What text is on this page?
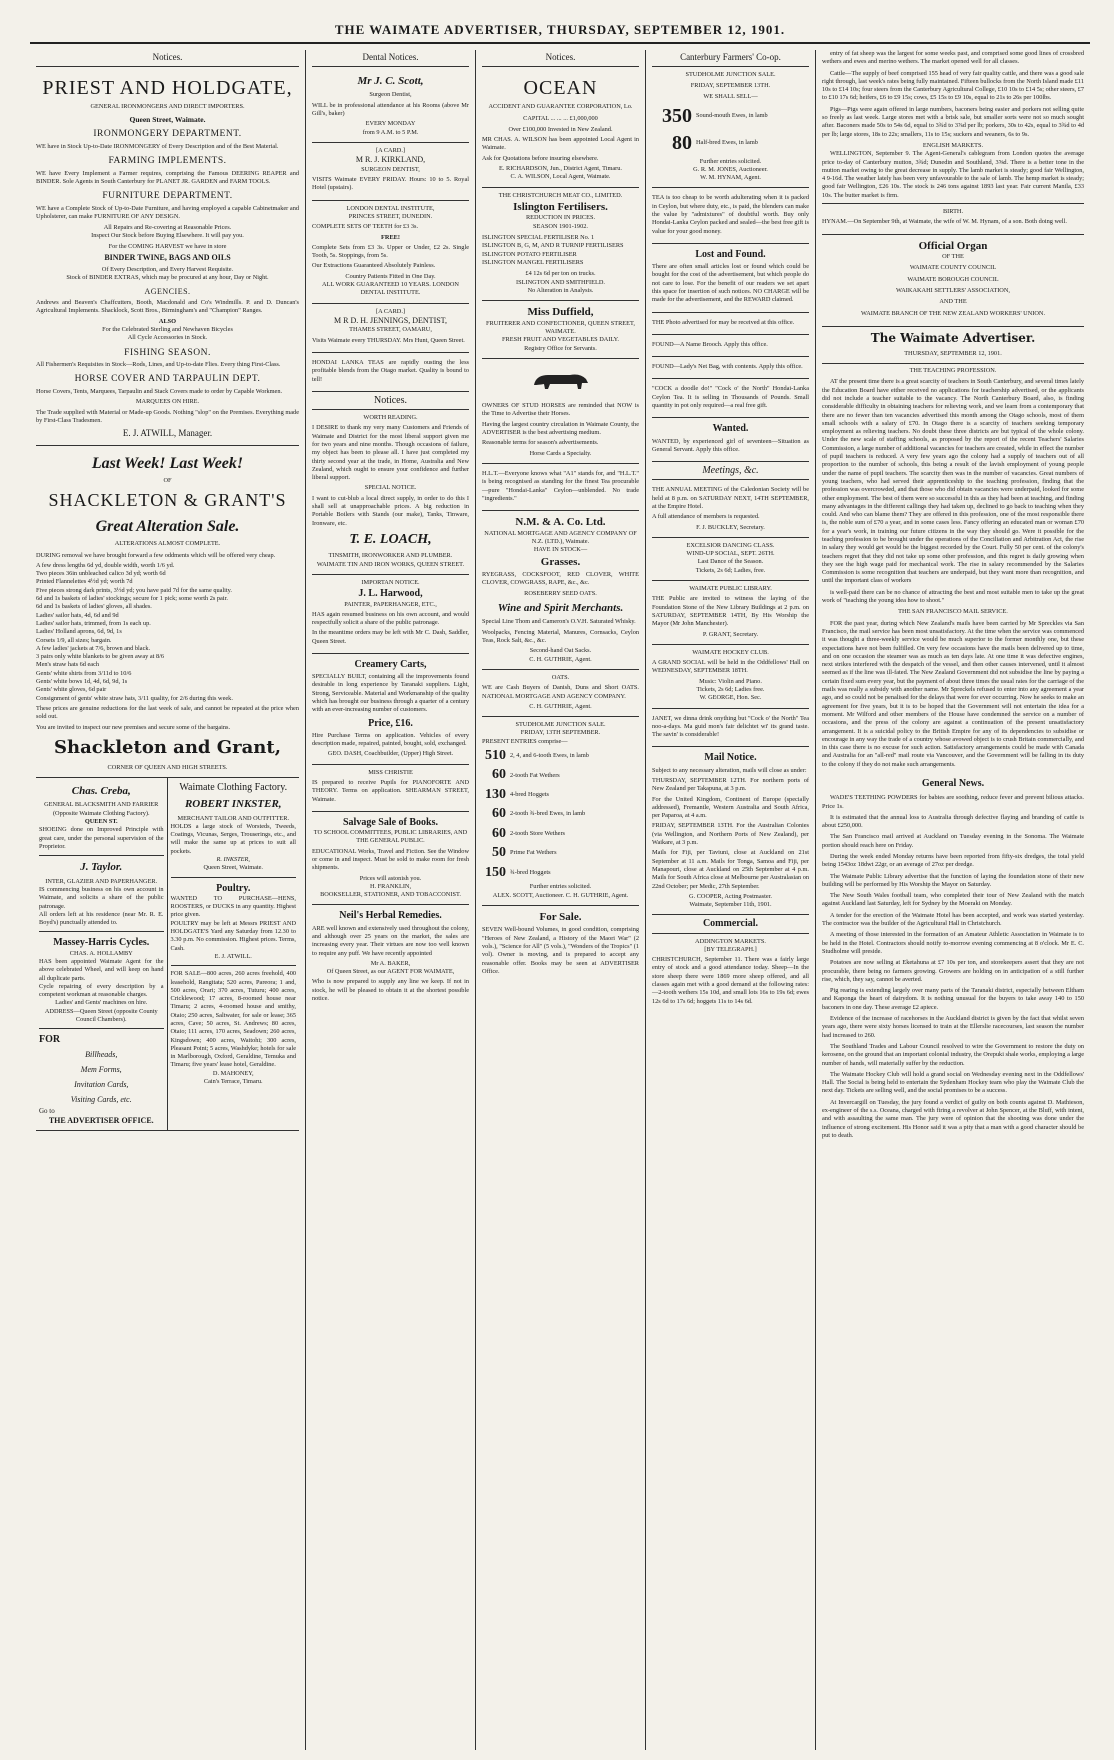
THE WAIMATE ADVERTISER, THURSDAY, SEPTEMBER 12, 1901.
Notices.
PRIEST AND HOLDGATE,
GENERAL IRONMONGERS AND DIRECT IMPORTERS.
Queen Street, Waimate.
IRONMONGERY DEPARTMENT.

WE have in Stock Up-to-Date IRONMONGERY of Every Description and of the Best Material.

FARMING IMPLEMENTS.

WE have Every Implement a Farmer requires, comprising the Famous DEERING REAPER and BINDER. Sole Agents in South Canterbury for PLANET JR. GARDEN and FARM TOOLS.

FURNITURE DEPARTMENT.

WE have a Complete Stock of Up-to-Date Furniture, and having employed a capable Cabinetmaker and Upholsterer, can make FURNITURE OF ANY DESIGN.

All Repairs and Re-covering at Reasonable Prices.
Inspect Our Stock before Buying Elsewhere. It will pay you.
For the COMING HARVEST we have in store
BINDER TWINE, BAGS AND OILS
Of Every Description, and Every Harvest Requisite.
Stock of BINDER EXTRAS, which may be procured at any hour, Day or Night.
AGENCIES.

Andrews and Beaven's Chaffcutters, Booth, Macdonald and Co's Windmills. P. and D. Duncan's Agricultural Implements. Shacklock, Scott Bros., Birmingham's and "Champion" Ranges.

ALSO
For the Celebrated Sterling and Newhaven Bicycles
All Cycle Accessories in Stock.
FISHING SEASON.

All Fishermen's Requisites in Stock—Rods, Lines, and Up-to-date Flies. Every thing First-Class.

HORSE COVER AND TARPAULIN DEPT.

Horse Covers, Tents, Marquees, Tarpaulin and Stack Covers made to order by Capable Workmen.

MARQUEES ON HIRE.

The Trade supplied with Material or Made-up Goods. Nothing "slop" on the Premises. Everything made by First-Class Tradesmen.

E. J. ATWILL, Manager.
Last Week! Last Week!
OF
SHACKLETON & GRANT'S
Great Alteration Sale.
ALTERATIONS ALMOST COMPLETE.

DURING removal we have brought forward a few oddments which will be offered very cheap.

A few dress lengths 6d yd, double width, worth 1/6 yd.
Two pieces 36in unbleached calico 3d yd; worth 6d
Printed Flannelettes 4½d yd; worth 7d
Five pieces strong dark prints, 3½d yd; you have paid 7d for the same quality.
6d and 1s baskets of ladies' stockings; secure for 1 pick; some worth 2s pair.
6d and 1s baskets of ladies' gloves, all shades.
Ladies' sailor hats, 4d, 6d and 9d
Ladies' sailor hats, trimmed, from 1s each up.
Ladies' Holland aprons, 6d, 9d, 1s
Corsets 1/9, all sizes; bargain.
A few ladies' jackets at 7/6, brown and black.
3 pairs only white blankets to be given away at 8/6
Men's straw hats 6d each
Gents' white shirts from 3/11d to 10/6
Gents' white bows 1d, 4d, 6d, 9d, 1s
Gents' white gloves, 6d pair
Consignment of gents' white straw hats, 3/11 quality, for 2/6 during this week.

These prices are genuine reductions for the last week of sale, and cannot be repeated at the price when sold out.

You are invited to inspect our new premises and secure some of the bargains.

Shackleton and Grant,
CORNER OF QUEEN AND HIGH STREETS.
Chas. Creba,
GENERAL BLACKSMITH AND FARRIER
(Opposite Waimate Clothing Factory).
QUEEN ST.

SHOEING done on Improved Principle with great care, under the personal supervision of the Proprietor.

J. Taylor.
INTER, GLAZIER AND PAPERHANGER.

IS commencing business on his own account in Waimate, and solicits a share of the public patronage.

All orders left at his residence (near Mr. R. E. Boyd's) punctually attended to.

Massey-Harris Cycles.
CHAS. A. HOLLAMBY

HAS been appointed Waimate Agent for the above celebrated Wheel, and will keep on hand all duplicate parts.

Cycle repairing of every description by a competent workman at reasonable charges.

Ladies' and Gents' machines on hire.
ADDRESS—Queen Street (opposite County Council Chambers).
FOR
Billheads,
Mem Forms,
Invitation Cards,
Visiting Cards, etc.
Go to
THE ADVERTISER OFFICE.
Waimate Clothing Factory.
ROBERT INKSTER,
MERCHANT TAILOR AND OUTFITTER.

HOLDS a large stock of Worsteds, Tweeds, Coatings, Vicunas, Serges, Trouserings, etc., and will make the same up at prices to suit all pockets.

R. INKSTER,
Queen Street, Waimate.
Poultry.

WANTED TO PURCHASE—HENS, ROOSTERS, or DUCKS in any quantity. Highest price given.

POULTRY may be left at Messrs PRIEST AND HOLDGATE'S Yard any Saturday from 12.30 to 3.30 p.m. No commission. Highest prices. Terms, Cash.

E. J. ATWILL.

FOR SALE—800 acres, 260 acres freehold, 400 leasehold, Rangitata; 520 acres, Pareora; 1 and, 500 acres, Orari; 370 acres, Tuturu; 400 acres, Cricklewood; 17 acres, 8-roomed house near Timaru; 2 acres, 4-roomed house and smithy, Otaio; 250 acres, Saltwater, for sale or lease; 365 acres, Cave; 50 acres, St. Andrews; 80 acres, Otaio; 111 acres, 170 acres, Seadown; 260 acres, Kingsdown; 400 acres, Waitohi; 300 acres, Pleasant Point; 5 acres, Washdyke; hotels for sale in Marlborough, Oxford, Geraldine, Temuka and Timaru; five years' lease hotel, Geraldine.

D. MAHONEY,
Cain's Terrace, Timaru.
Dental Notices.
Mr J. C. Scott,
Surgeon Dentist,

WILL be in professional attendance at his Rooms (above Mr Gill's, baker)

EVERY MONDAY
from 9 A.M. to 5 P.M.
[A CARD.]
M R. J. KIRKLAND,
SURGEON DENTIST,

VISITS Waimate EVERY FRIDAY. Hours: 10 to 5. Royal Hotel (upstairs).

LONDON DENTAL INSTITUTE,
PRINCES STREET, DUNEDIN.

COMPLETE SETS OF TEETH for £3 3s.

FREE!

Complete Sets from £3 3s. Upper or Under, £2 2s. Single Tooth, 5s. Stoppings, from 5s.

Our Extractions Guaranteed Absolutely Painless.

Country Patients Fitted in One Day.
ALL WORK GUARANTEED 10 YEARS. LONDON DENTAL INSTITUTE.
[A CARD.]
M R D. H. JENNINGS, DENTIST,
THAMES STREET, OAMARU,

Visits Waimate every THURSDAY. Mrs Hunt, Queen Street.

HONDAI LANKA TEAS are rapidly ousting the less profitable blends from the Otago market. Quality is bound to tell!

Notices.
WORTH READING.

I DESIRE to thank my very many Customers and Friends of Waimate and District for the most liberal support given me for two years and nine months. Though occasions of failure, my object has been to please all. I have just completed my thirty second year at the trade, in Home, Australia and New Zealand, which ought to ensure your confidence and further liberal support.

SPECIAL NOTICE.

I want to cut-blub a local direct supply, in order to do this I shall sell at unapproachable prices. A big reduction in Portable Boilers with Stands (our make), Tanks, Tinware, Ironware, etc.

T. E. LOACH,
TINSMITH, IRONWORKER AND PLUMBER.
WAIMATE TIN AND IRON WORKS, QUEEN STREET.
IMPORTAN NOTICE.
J. L. Harwood,
PAINTER, PAPERHANGER, ETC.,

HAS again resumed business on his own account, and would respectfully solicit a share of the public patronage.

In the meantime orders may be left with Mr C. Dash, Saddler, Queen Street.

Creamery Carts,

SPECIALLY BUILT, containing all the improvements found desirable in long experience by Taranaki suppliers. Light, Strong, Serviceable. Material and Workmanship of the quality which has brought our business through a quarter of a century with an ever-increasing number of customers.

Price, £16.

Hire Purchase Terms on application. Vehicles of every description made, repaired, painted, bought, sold, exchanged.

GEO. DASH, Coachbuilder, (Upper) High Street.
MISS CHRISTIE

IS prepared to receive Pupils for PIANOFORTE AND THEORY. Terms on application. SHEARMAN STREET, Waimate.

Salvage Sale of Books.
TO SCHOOL COMMITTEES, PUBLIC LIBRARIES, AND THE GENERAL PUBLIC.

EDUCATIONAL Works, Travel and Fiction. See the Window or come in and inspect. Must be sold to make room for fresh shipments.

Prices will astonish you.
H. FRANKLIN,
BOOKSELLER, STATIONER, AND TOBACCONIST.
Neil's Herbal Remedies.

ARE well known and extensively used throughout the colony, and although over 25 years on the market, the sales are increasing every year. Their virtues are now too well known to require any puff. We have recently appointed

Mr A. BAKER,
Of Queen Street, as our AGENT FOR WAIMATE,

Who is now prepared to supply any line we keep. If not in stock, he will be pleased to obtain it at the shortest possible notice.

Notices.
OCEAN
ACCIDENT AND GUARANTEE CORPORATION, Lo.
CAPITAL ... ... ... £1,000,000
Over £100,000 Invested in New Zealand.

MR CHAS. A. WILSON has been appointed Local Agent in Waimate.

Ask for Quotations before insuring elsewhere.

E. RICHARDSON, Jun., District Agent, Timaru.
C. A. WILSON, Local Agent, Waimate.
THE CHRISTCHURCH MEAT CO., LIMITED.
Islington Fertilisers.
REDUCTION IN PRICES.
SEASON 1901-1902.
ISLINGTON SPECIAL FERTILISER No. 1
ISLINGTON B, G, M, AND R TURNIP FERTILISERS
ISLINGTON POTATO FERTILISER
ISLINGTON MANGEL FERTILISERS
£4 12s 6d per ton on trucks.
ISLINGTON AND SMITHFIELD.
No Alteration in Analysis.
Miss Duffield,
FRUITERER AND CONFECTIONER, QUEEN STREET, WAIMATE.
FRESH FRUIT AND VEGETABLES DAILY.
Registry Office for Servants.

OWNERS OF STUD HORSES are reminded that NOW is the Time to Advertise their Horses.

Having the largest country circulation in Waimate County, the ADVERTISER is the best advertising medium.

Reasonable terms for season's advertisements.

Horse Cards a Specialty.

H.L.T.—Everyone knows what "A1" stands for, and "H.L.T." is being recognised as standing for the finest Tea procurable—pure "Hondai-Lanka" Ceylon—unblended. No trade "ingredients."

N.M. & A. Co. Ltd.
NATIONAL MORTGAGE AND AGENCY COMPANY OF N.Z. (LTD.), Waimate.
HAVE IN STOCK—
Grasses.

RYEGRASS, COCKSFOOT, RED CLOVER, WHITE CLOVER, COWGRASS, RAPE, &c., &c.

ROSEBERRY SEED OATS.
Wine and Spirit Merchants.

Special Line Thom and Cameron's O.V.H. Saturated Whisky.

Woolpacks, Fencing Material, Manures, Cornsacks, Ceylon Teas, Rock Salt, &c., &c.

Second-hand Oat Sacks.
C. H. GUTHRIE, Agent.
OATS.

WE are Cash Buyers of Danish, Duns and Short OATS. NATIONAL MORTGAGE AND AGENCY COMPANY.

C. H. GUTHRIE, Agent.
STUDHOLME JUNCTION SALE.
FRIDAY, 13TH SEPTEMBER.
PRESENT ENTRIES comprise—
510 2, 4, and 6-tooth Ewes, in lamb
60 2-tooth Fat Wethers
130 4-bred Hoggets
60 2-tooth ¾-bred Ewes, in lamb
60 2-tooth Store Wethers
50 Prime Fat Wethers
150 ¾-bred Hoggets
Further entries solicited.
ALEX. SCOTT, Auctioneer. C. H. GUTHRIE, Agent.
For Sale.

SEVEN Well-bound Volumes, in good condition, comprising "Heroes of New Zealand, a History of the Maori War" (2 vols.), "Science for All" (5 vols.), "Wonders of the Tropics" (1 vol). Owner is moving, and is prepared to accept any reasonable offer. Books may be seen at ADVERTISER Office.

Canterbury Farmers' Co-op.
STUDHOLME JUNCTION SALE.
FRIDAY, SEPTEMBER 13TH.
WE SHALL SELL—
350 Sound-mouth Ewes, in lamb
80 Half-bred Ewes, in lamb
Further entries solicited.
G. R. M. JONES, Auctioneer.
W. M. HYNAM, Agent.

TEA is too cheap to be worth adulterating when it is packed in Ceylon, but where duty, etc., is paid, the blenders can make the value by "admixtures" of doubtful worth. Buy only Hondai-Lanka Ceylon packed and sealed—the best free gift is value for your good money.

Lost and Found.

There are often small articles lost or found which could be bought for the cost of the advertisement, but which people do not care to lose. For the benefit of our readers we set apart this space for insertion of such notices. NO CHARGE will be made for the advertisement, and the REWARD claimed.

THE Photo advertised for may be received at this office.

FOUND—A Name Brooch. Apply this office.

FOUND—Lady's Net Bag, with contents. Apply this office.

"COCK a doodle do!" "Cock o' the North" Hondai-Lanka Ceylon Tea. It is selling in Thousands of Pounds. Small quantity in pot only required—a real free gift.

Wanted.

WANTED, by experienced girl of seventeen—Situation as General Servant. Apply this office.

Meetings, &c.

THE ANNUAL MEETING of the Caledonian Society will be held at 8 p.m. on SATURDAY NEXT, 14TH SEPTEMBER, at the Empire Hotel.

A full attendance of members is requested.

F. J. BUCKLEY, Secretary.
EXCELSIOR DANCING CLASS.
WIND-UP SOCIAL, SEPT. 26TH.
Last Dance of the Season.
Tickets, 2s 6d; Ladies, free.
WAIMATE PUBLIC LIBRARY.

THE Public are invited to witness the laying of the Foundation Stone of the New Library Buildings at 2 p.m. on SATURDAY, SEPTEMBER 14TH, By His Worship the Mayor (Mr John Manchester).

P. GRANT, Secretary.
WAIMATE HOCKEY CLUB.

A GRAND SOCIAL will be held in the Oddfellows' Hall on WEDNESDAY, SEPTEMBER 18TH.

Music: Violin and Piano.
Tickets, 2s 6d; Ladies free.
W. GEORGE, Hon. Sec.

JANET, we dinna drink onything but "Cock o' the North" Tea noo-a-days. Ma guid mon's fair delichtet wi' its grand taste. The savin' is considerable!

Mail Notice.

Subject to any necessary alteration, mails will close as under:

THURSDAY, SEPTEMBER 12TH. For northern ports of New Zealand per Takapuna, at 3 p.m.

For the United Kingdom, Continent of Europe (specially addressed), Fremantle, Western Australia and South Africa, per Paparoa, at 4 a.m.

FRIDAY, SEPTEMBER 13TH. For the Australian Colonies (via Wellington, and Northern Ports of New Zealand), per Waikare, at 3 p.m.

Mails for Fiji, per Taviuni, close at Auckland on 21st September at 11 a.m. Mails for Tonga, Samoa and Fiji, per Manapouri, close at Auckland on 25th September at 4 p.m. Mails for South Africa close at Melbourne per Australasian on 22nd October; per Medic, 27th September.

G. COOPER, Acting Postmaster.
Waimate, September 11th, 1901.
Commercial.
ADDINGTON MARKETS.
[BY TELEGRAPH.]

CHRISTCHURCH, September 11. There was a fairly large entry of stock and a good attendance today. Sheep—In the store sheep there were 1869 more sheep offered, and all classes again met with a good demand at the following rates:—2-tooth wethers 15s 10d, and small lots 16s to 19s 6d; ewes 12s 6d to 17s 6d; hoggets 11s to 14s 6d.

entry of fat sheep was the largest for some weeks past, and comprised some good lines of crossbred wethers and ewes and merino wethers. The market opened well for all classes.

Cattle—The supply of beef comprised 155 head of very fair quality cattle, and there was a good sale right through, last week's rates being fully maintained. Fifteen bullocks from the North Island made £11 10s to £14 10s; four steers from the Canterbury Agricultural College, £10 10s to £14 5s; other steers, £7 to £10 17s 6d; heifers, £6 to £9 15s; cows, £5 15s to £9 10s, equal to 21s to 26s per 100lbs.

Pigs—Pigs were again offered in large numbers, baconers being easier and porkers not selling quite so freely as last week. Large stores met with a brisk sale, but smaller sorts were not so much sought after. Baconers made 50s to 54s 6d, equal to 3¾d to 3⅞d per lb; porkers, 30s to 42s, equal to 3¾d to 4d per lb; large stores, 18s to 22s; smallers, 11s to 15s; suckers and weaners, 6s to 9s.

ENGLISH MARKETS.

WELLINGTON, September 9. The Agent-General's cablegram from London quotes the average price to-day of Canterbury mutton, 3¾d; Dunedin and Southland, 3⅝d. There is a better tone in the mutton market owing to the great decrease in supply. The lamb market is steady; good fair Wellington, 4 9-16d. The weather lately has been very unfavourable to the sale of lamb. The hemp market is steady; good fair Wellington, £26 10s. The stock is 246 tons against 1893 last year. Fair current Manila, £33 10s. The butter market is firm.

BIRTH.

HYNAM.—On September 9th, at Waimate, the wife of W. M. Hynam, of a son. Both doing well.

Official Organ
OF THE
WAIMATE COUNTY COUNCIL
WAIMATE BOROUGH COUNCIL
WAIKAKAHI SETTLERS' ASSOCIATION,
AND THE
WAIMATE BRANCH OF THE NEW ZEALAND WORKERS' UNION.
The Waimate Advertiser.
THURSDAY, SEPTEMBER 12, 1901.
THE TEACHING PROFESSION.

AT the present time there is a great scarcity of teachers in South Canterbury, and several times lately the Education Board have either received no applications for teachership advertised, or the applicants did not include a teacher suitable to the vacancy. The North Canterbury Board, also, is finding considerable difficulty in obtaining teachers for relieving work, and we learn from a contemporary that there are no fewer than ten vacancies advertised this month among the Otago schools, most of them small schools with a salary of £70. In Otago there is a scarcity of teachers seeking temporary employment as relieving teachers. No doubt these three districts are but typical of the whole colony. Under the new scale of staffing schools, as proposed by the report of the recent Teachers' Salaries Commission, a large number of additional vacancies for teachers are created, while in effect the number of pupil teachers is reduced. A very few years ago the colony had a supply of teachers out of all proportion to the number of schools, this being a result of the lavish employment of young people under the name of pupil teachers. The scarcity then was in the number of vacancies. Great numbers of young teachers, who had served their apprenticeship to the teaching profession, finding that the profession was overcrowded, and that those who did obtain vacancies were underpaid, looked for some other employment. The best of them were so successful in this as they had been at teaching, and finding many advantages in the different callings they had taken up, declined to go back to teaching when they could. And who can blame them? They are offered in this profession, one of the most responsible there is, the noble sum of £70 a year, and in some cases less. Fancy offering an educated man or woman £70 for a year's work, in training our future citizens in the way they should go. Were it possible for the teaching profession to be brought under the operations of the Conciliation and Arbitration Act, the rise in salary they would get would be the biggest recorded by the Court. Fully 50 per cent. of the colony's teachers regret that they did not take up some other profession, and this regret is daily growing when they see the high wage paid for mechanical work. The rise in salary recommended by the Salaries Commission is some recognition that teachers are underpaid, but they want more than recognition, and until the important class of workers

is well-paid there can be no chance of attracting the best and most suitable men to take up the great work of "teaching the young idea how to shoot."

THE SAN FRANCISCO MAIL SERVICE.

FOR the past year, during which New Zealand's mails have been carried by Mr Spreckles via San Francisco, the mail service has been most unsatisfactory. At the time when the service was commenced it was thought a three-weekly service would be much superior to the former monthly one, but these expectations have not been fulfilled. On very few occasions have the mails been delivered up to time, and on one occasion the steamer was as much as ten days late. At one time it was defective engines, next strikes interfered with the despatch of the vessel, and then other causes intervened, until it almost seemed as if the line was ill-fated. The New Zealand Government did not subsidise the line by paying a certain fixed sum every year, but the payment of about three times the usual rates for the carriage of the mails was really a subsidy with another name. Mr Spreckels refused to enter into any agreement a year ago, and so could not be penalised for the delays that were for ever occurring. Now he seeks to make an agreement for five years, but it is to be hoped that the Government will not entertain the idea for a moment. Mr Wilford and other members of the House have condemned the service on a number of occasions, and the press of the colony are against a continuation of the present unsatisfactory arrangement. It is a suicidal policy to the British Empire for any of its dependencies to subsidise or encourage in any way the trade of a country whose avowed object is to crush Britain commercially, and in this case there is no excuse for such action. Satisfactory arrangements could be made with Canada and Australia for an "all-red" mail route via Vancouver, and the Government will be falling in its duty to the colony if they do not make such arrangements.

General News.

WADE'S TEETHING POWDERS for babies are soothing, reduce fever and prevent bilious attacks. Price 1s.

It is estimated that the annual loss to Australia through defective flaying and branding of cattle is about £250,000.

The San Francisco mail arrived at Auckland on Tuesday evening in the Sonoma. The Waimate portion should reach here on Friday.

During the week ended Monday returns have been reported from fifty-six dredges, the total yield being 1543oz 18dwt 22gr, or an average of 27oz per dredge.

The Waimate Public Library advertise that the function of laying the foundation stone of their new building will be performed by His Worship the Mayor on Saturday.

The New South Wales football team, who completed their tour of New Zealand with the match against Auckland last Saturday, left for Sydney by the Moeraki on Monday.

A tender for the erection of the Waimate Hotel has been accepted, and work was started yesterday. The contractor was the builder of the Agricultural Hall in Christchurch.

A meeting of those interested in the formation of an Amateur Athletic Association in Waimate is to be held in the Hotel. Contractors should notify to-morrow evening commencing at 8 o'clock. Mr E. C. Studholme will preside.

Potatoes are now selling at Eketahuna at £7 10s per ton, and storekeepers assert that they are not procurable, there being no farmers growing. Growers are holding on in anticipation of a still further rise, which, they say, cannot be averted.

Pig rearing is extending largely over many parts of the Taranaki district, especially between Eltham and Kaponga the heart of dairydom. It is nothing unusual for the buyers to take away 140 to 150 baconers in one day. These average £2 apiece.

Evidence of the increase of racehorses in the Auckland district is given by the fact that whilst seven years ago, there were sixty horses licensed to train at the Ellerslie racecourses, last season the number had increased to 260.

The Southland Trades and Labour Council resolved to wire the Government to restore the duty on kerosene, on the ground that an important colonial industry, the Orepuki shale works, employing a large number of hands, will materially suffer by the reduction.

The Waimate Hockey Club will hold a grand social on Wednesday evening next in the Oddfellows' Hall. The Social is being held to entertain the Sydenham Hockey team who play the Waimate Club the next day. Tickets are selling well, and the social promises to be a success.

At Invercargill on Tuesday, the jury found a verdict of guilty on both counts against D. Mathieson, ex-engineer of the s.s. Oceana, charged with firing a revolver at John Spencer, at the Bluff, with intent, and with assaulting the same man. The jury were of opinion that the shooting was done under the influence of strong excitement. His Honor said it was a pity that a man with a good character should be put to death.
